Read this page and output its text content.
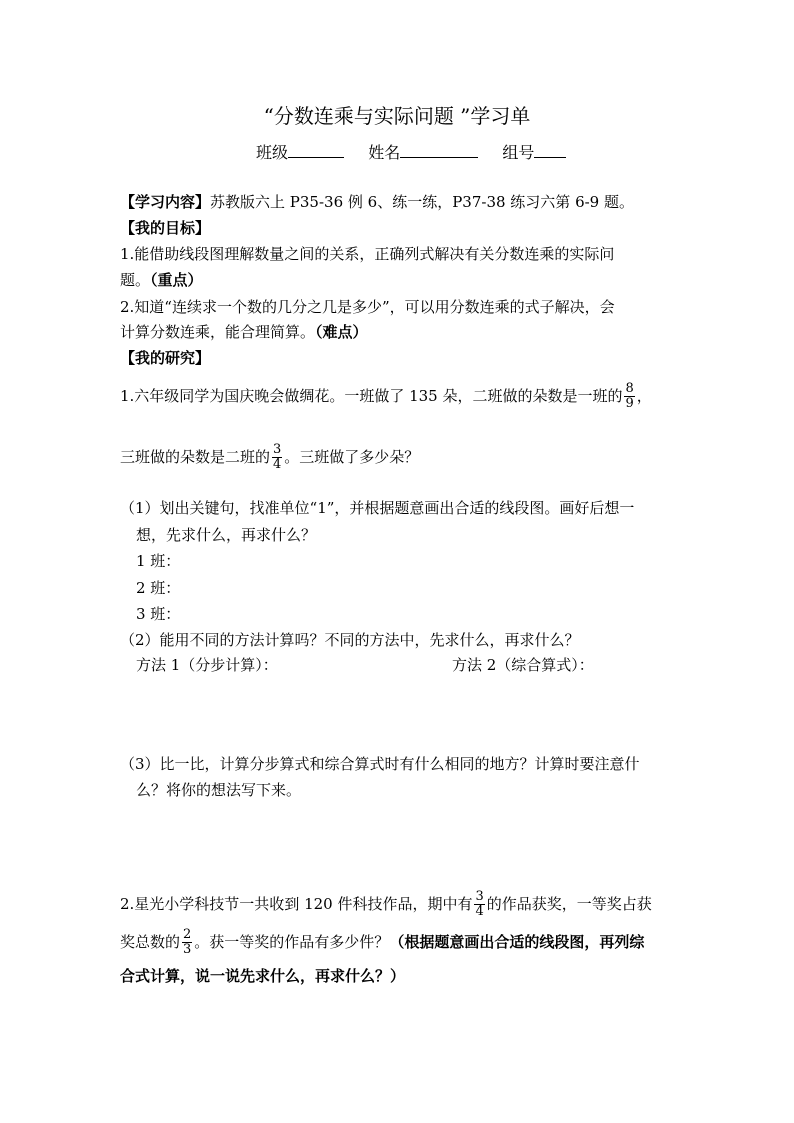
“分数连乘与实际问题 ”学习单
班级	姓名	组号
【学习内容】苏教版六上 P35-36 例 6、练一练，P37-38 练习六第 6-9 题。
【我的目标】
1.能借助线段图理解数量之间的关系，正确列式解决有关分数连乘的实际问
题。（重点）
2.知道“连续求一个数的几分之几是多少”，可以用分数连乘的式子解决，会
计算分数连乘，能合理简算。（难点）
【我的研究】
1.六年级同学为国庆晚会做绸花。一班做了 135 朵，二班做的朵数是一班的 $\frac{8}{9}$ ，
三班做的朵数是二班的 $\frac{3}{4}$ 。三班做了多少朵？
（1）划出关键句，找准单位“1”，并根据题意画出合适的线段图。画好后想一
想，先求什么，再求什么？
1 班：
2 班：
3 班：
（2）能用不同的方法计算吗？不同的方法中，先求什么，再求什么？
方法 1（分步计算）：	方法 2（综合算式）：
（3）比一比，计算分步算式和综合算式时有什么相同的地方？计算时要注意什
么？将你的想法写下来。
2.星光小学科技节一共收到 120 件科技作品，期中有 $\frac{3}{4}$ 的作品获奖，一等奖占获
奖总数的 $\frac{2}{3}$ 。获一等奖的作品有多少件？（根据题意画出合适的线段图，再列综
合式计算，说一说先求什么，再求什么？）
